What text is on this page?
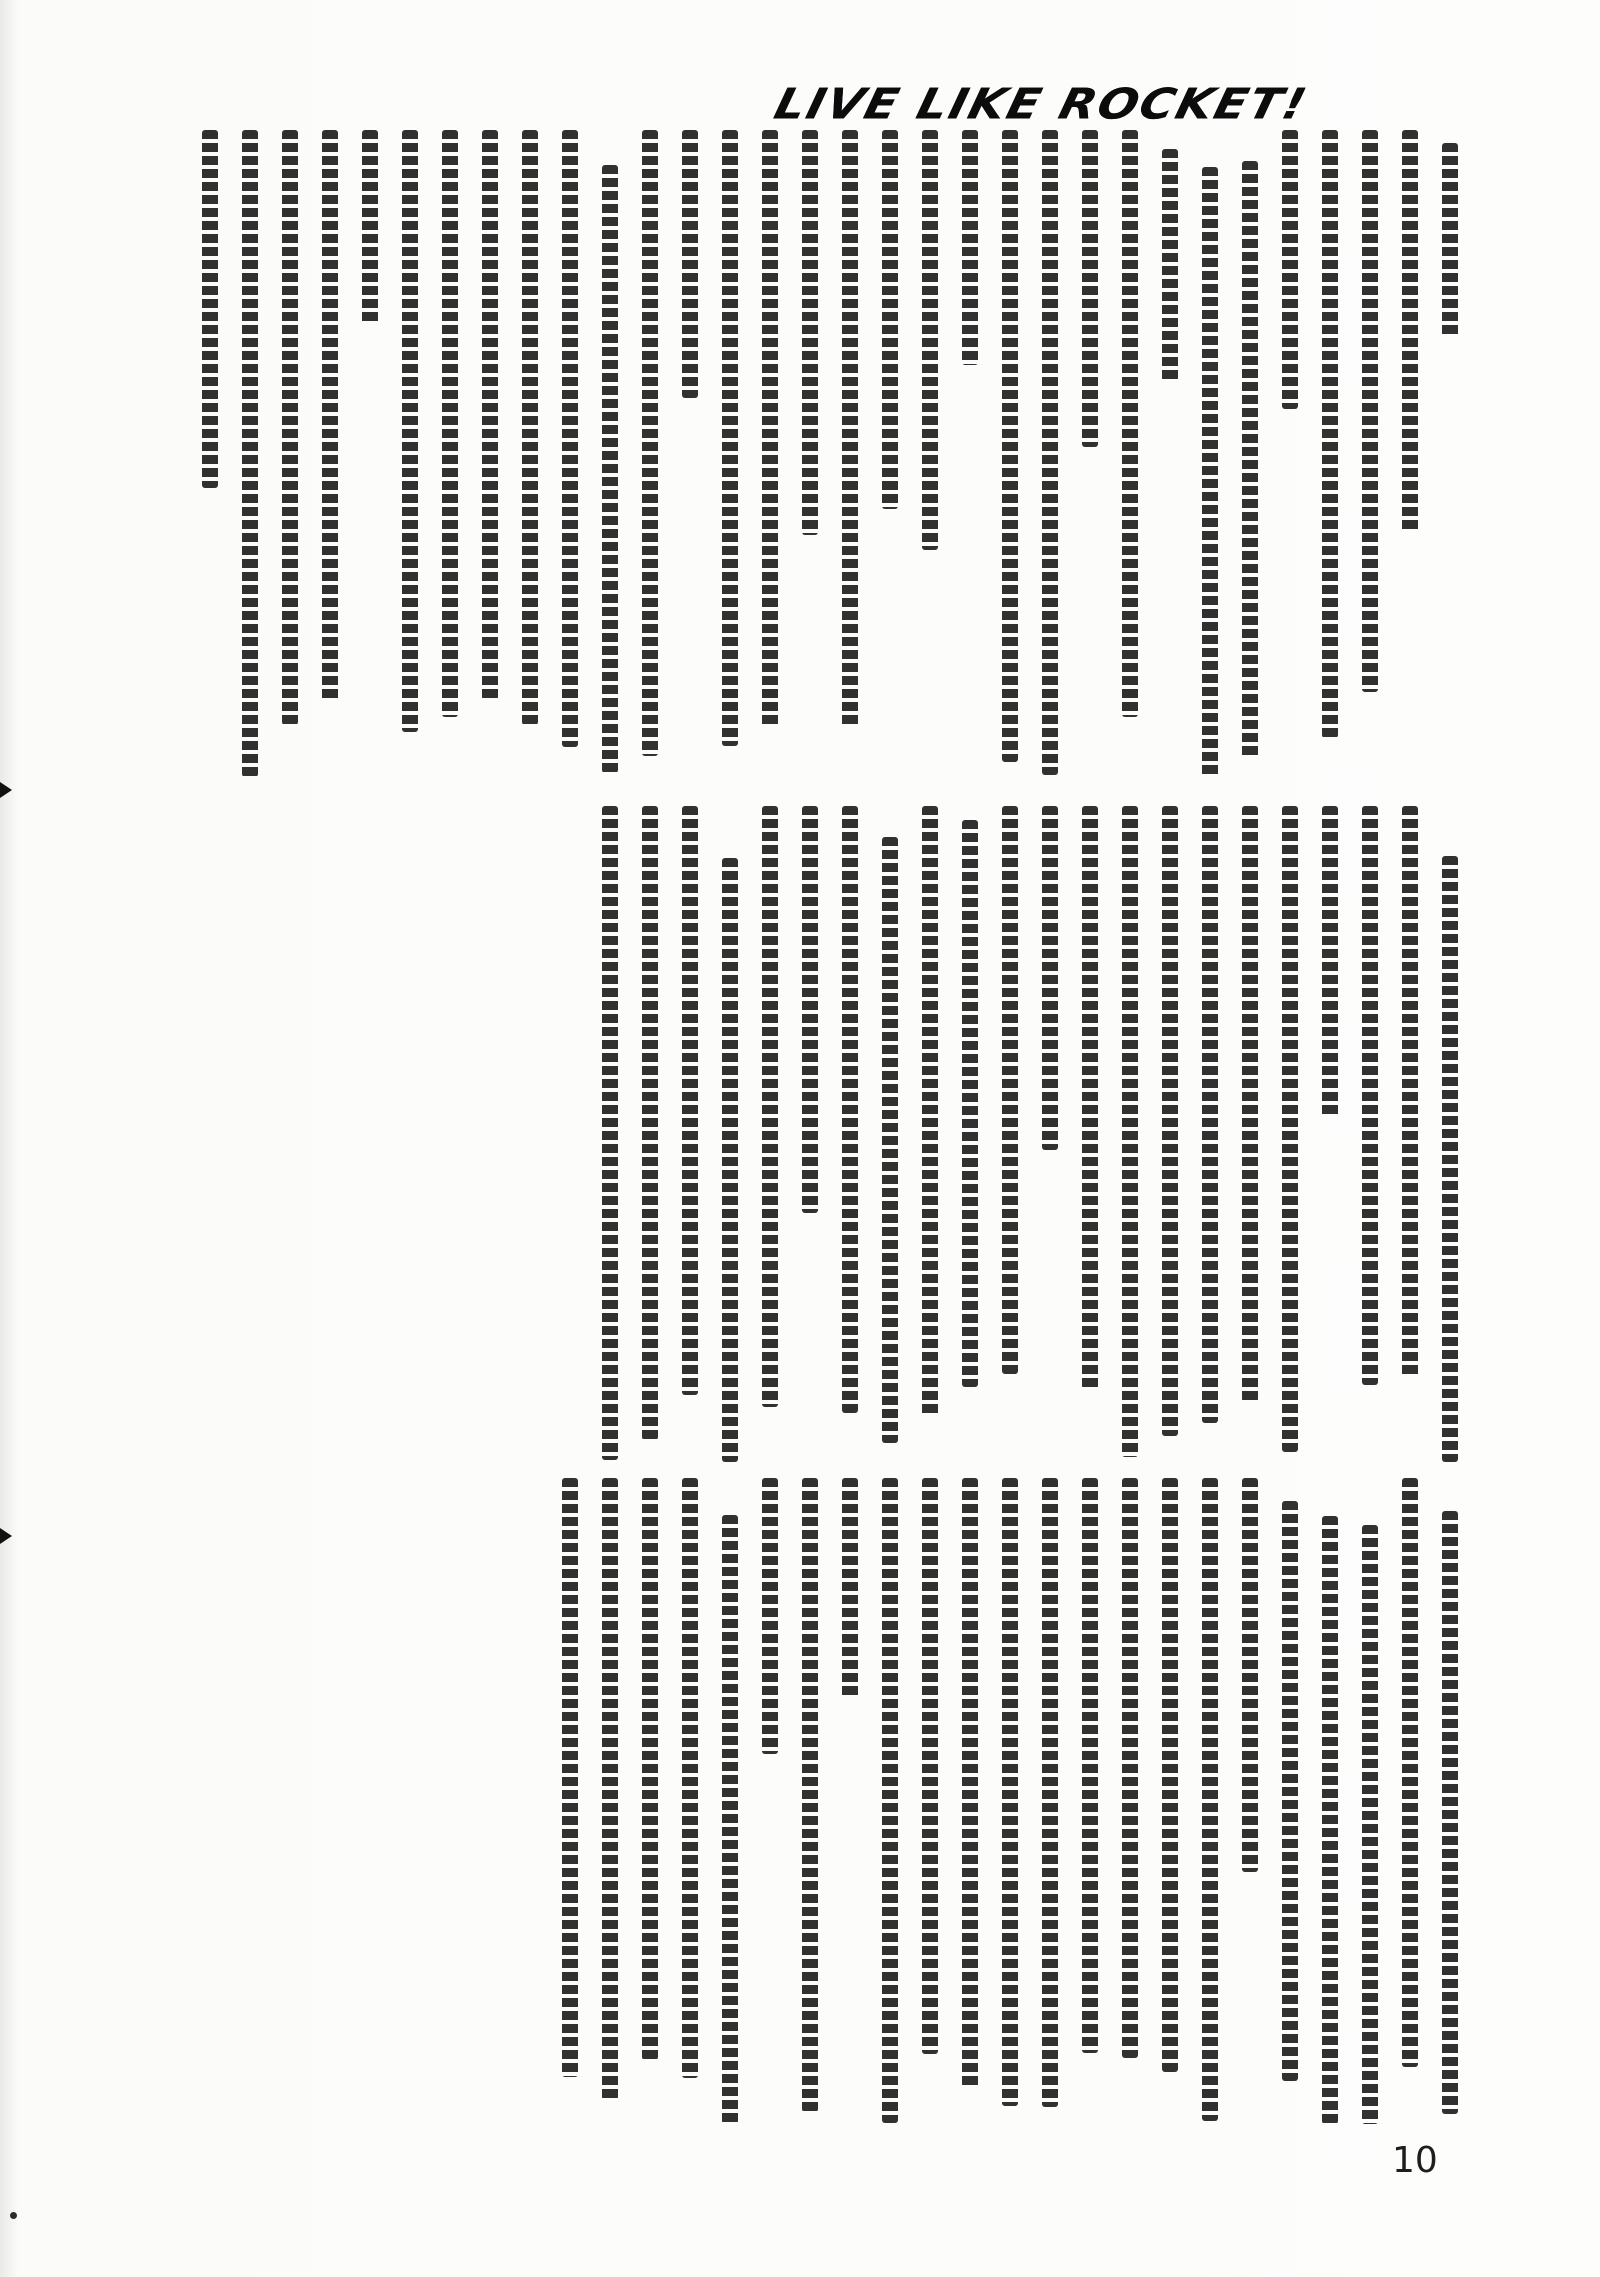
LIVE LIKE ROCKET!
10
